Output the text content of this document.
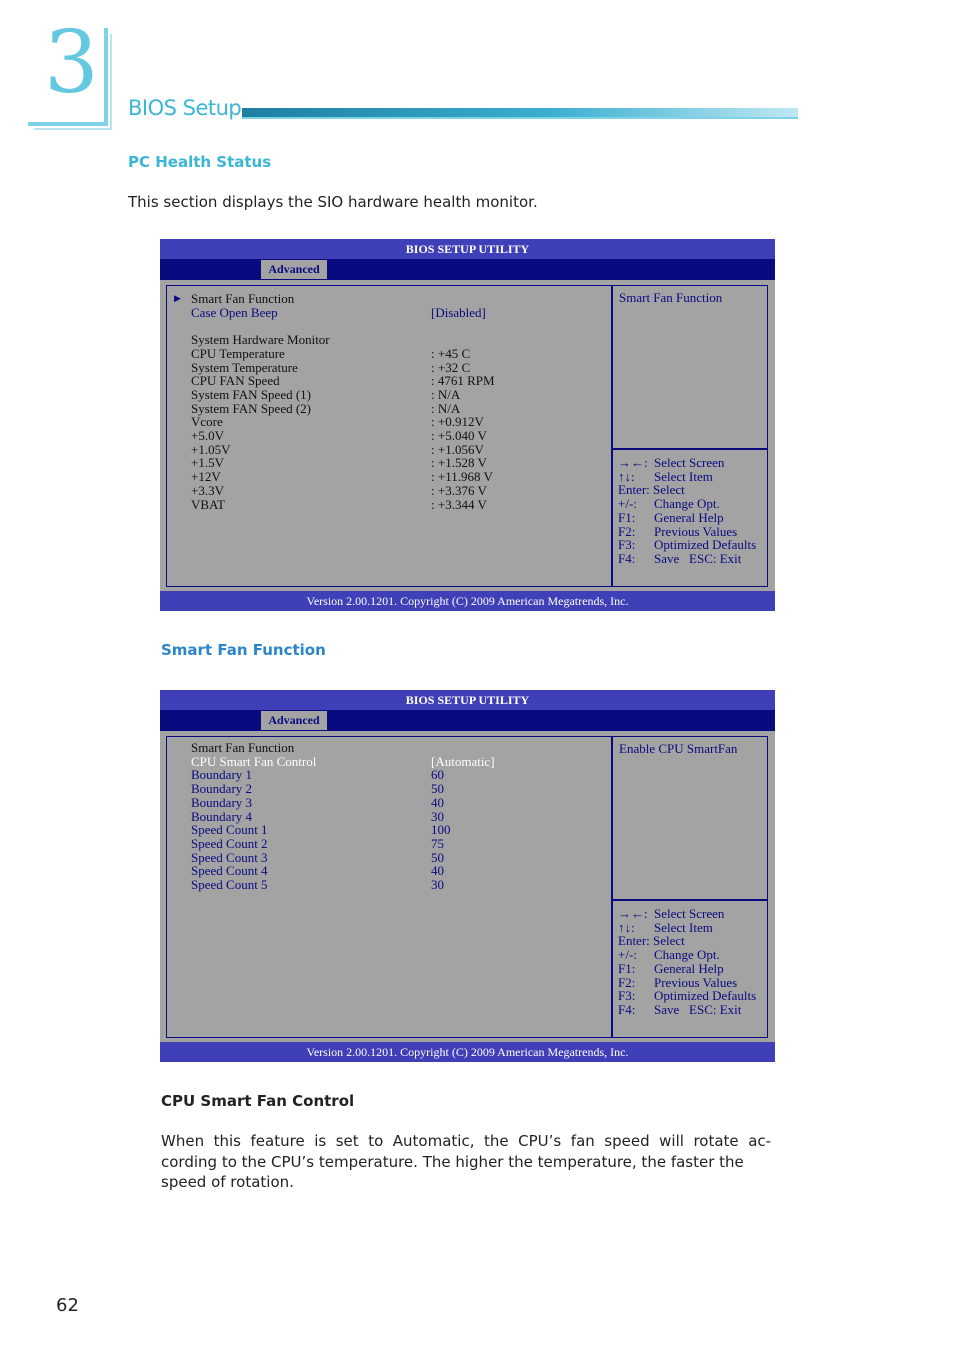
3 BIOS Setup
PC Health Status
This section displays the SIO hardware health monitor.
BIOS SETUP UTILITY
Advanced
▶ Smart Fan Function
Case Open Beep	[Disabled]
System Hardware Monitor
CPU Temperature	: +45 C
System Temperature	: +32 C
CPU FAN Speed	: 4761 RPM
System FAN Speed (1)	: N/A
System FAN Speed (2)	: N/A
Vcore	: +0.912V
+5.0V	: +5.040 V
+1.05V	: +1.056V
+1.5V	: +1.528 V
+12V	: +11.968 V
+3.3V	: +3.376 V
VBAT	: +3.344 V
Smart Fan Function
→←: Select Screen
↑↓: Select Item
Enter: Select
+/-: Change Opt.
F1: General Help
F2: Previous Values
F3: Optimized Defaults
F4: Save   ESC: Exit
Version 2.00.1201. Copyright (C) 2009 American Megatrends, Inc.
Smart Fan Function
BIOS SETUP UTILITY
Advanced
Smart Fan Function
CPU Smart Fan Control	[Automatic]
Boundary 1	60
Boundary 2	50
Boundary 3	40
Boundary 4	30
Speed Count 1	100
Speed Count 2	75
Speed Count 3	50
Speed Count 4	40
Speed Count 5	30
Enable CPU SmartFan
→←: Select Screen
↑↓: Select Item
Enter: Select
+/-: Change Opt.
F1: General Help
F2: Previous Values
F3: Optimized Defaults
F4: Save   ESC: Exit
Version 2.00.1201. Copyright (C) 2009 American Megatrends, Inc.
CPU Smart Fan Control
When  this  feature  is  set  to  Automatic,  the  CPU’s  fan  speed  will  rotate  ac-
cording to the CPU’s temperature. The higher the temperature, the faster the
speed of rotation.
62
